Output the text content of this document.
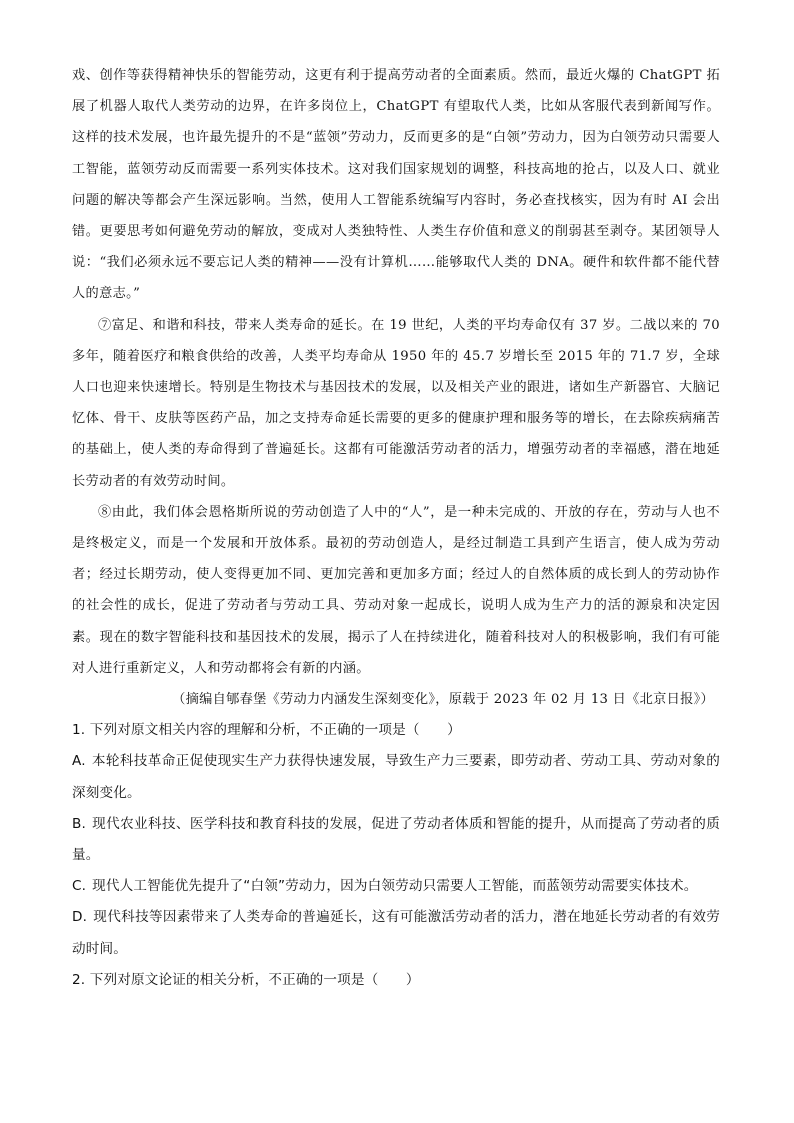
戏、创作等获得精神快乐的智能劳动，这更有利于提高劳动者的全面素质。然而，最近火爆的 ChatGPT 拓展了机器人取代人类劳动的边界，在许多岗位上，ChatGPT 有望取代人类，比如从客服代表到新闻写作。这样的技术发展，也许最先提升的不是“蓝领”劳动力，反而更多的是“白领”劳动力，因为白领劳动只需要人工智能，蓝领劳动反而需要一系列实体技术。这对我们国家规划的调整，科技高地的抢占，以及人口、就业问题的解决等都会产生深远影响。当然，使用人工智能系统编写内容时，务必查找核实，因为有时 AI 会出错。更要思考如何避免劳动的解放，变成对人类独特性、人类生存价值和意义的削弱甚至剥夺。某团领导人说：“我们必须永远不要忘记人类的精神——没有计算机……能够取代人类的 DNA。硬件和软件都不能代替人的意志。”

⑦富足、和谐和科技，带来人类寿命的延长。在 19 世纪，人类的平均寿命仅有 37 岁。二战以来的 70 多年，随着医疗和粮食供给的改善，人类平均寿命从 1950 年的 45.7 岁增长至 2015 年的 71.7 岁，全球人口也迎来快速增长。特别是生物技术与基因技术的发展，以及相关产业的跟进，诸如生产新器官、大脑记忆体、骨干、皮肤等医药产品，加之支持寿命延长需要的更多的健康护理和服务等的增长，在去除疾病痛苦的基础上，使人类的寿命得到了普遍延长。这都有可能激活劳动者的活力，增强劳动者的幸福感，潜在地延长劳动者的有效劳动时间。

⑧由此，我们体会恩格斯所说的劳动创造了人中的“人”，是一种未完成的、开放的存在，劳动与人也不是终极定义，而是一个发展和开放体系。最初的劳动创造人，是经过制造工具到产生语言，使人成为劳动者；经过长期劳动，使人变得更加不同、更加完善和更加多方面；经过人的自然体质的成长到人的劳动协作的社会性的成长，促进了劳动者与劳动工具、劳动对象一起成长，说明人成为生产力的活的源泉和决定因素。现在的数字智能科技和基因技术的发展，揭示了人在持续进化，随着科技对人的积极影响，我们有可能对人进行重新定义，人和劳动都将会有新的内涵。

（摘编自郇春堡《劳动力内涵发生深刻变化》，原载于 2023 年 02 月 13 日《北京日报》）

1. 下列对原文相关内容的理解和分析，不正确的一项是（　　）

A. 本轮科技革命正促使现实生产力获得快速发展，导致生产力三要素，即劳动者、劳动工具、劳动对象的深刻变化。

B. 现代农业科技、医学科技和教育科技的发展，促进了劳动者体质和智能的提升，从而提高了劳动者的质量。

C. 现代人工智能优先提升了“白领”劳动力，因为白领劳动只需要人工智能，而蓝领劳动需要实体技术。

D. 现代科技等因素带来了人类寿命的普遍延长，这有可能激活劳动者的活力，潜在地延长劳动者的有效劳动时间。

2. 下列对原文论证的相关分析，不正确的一项是（　　）
